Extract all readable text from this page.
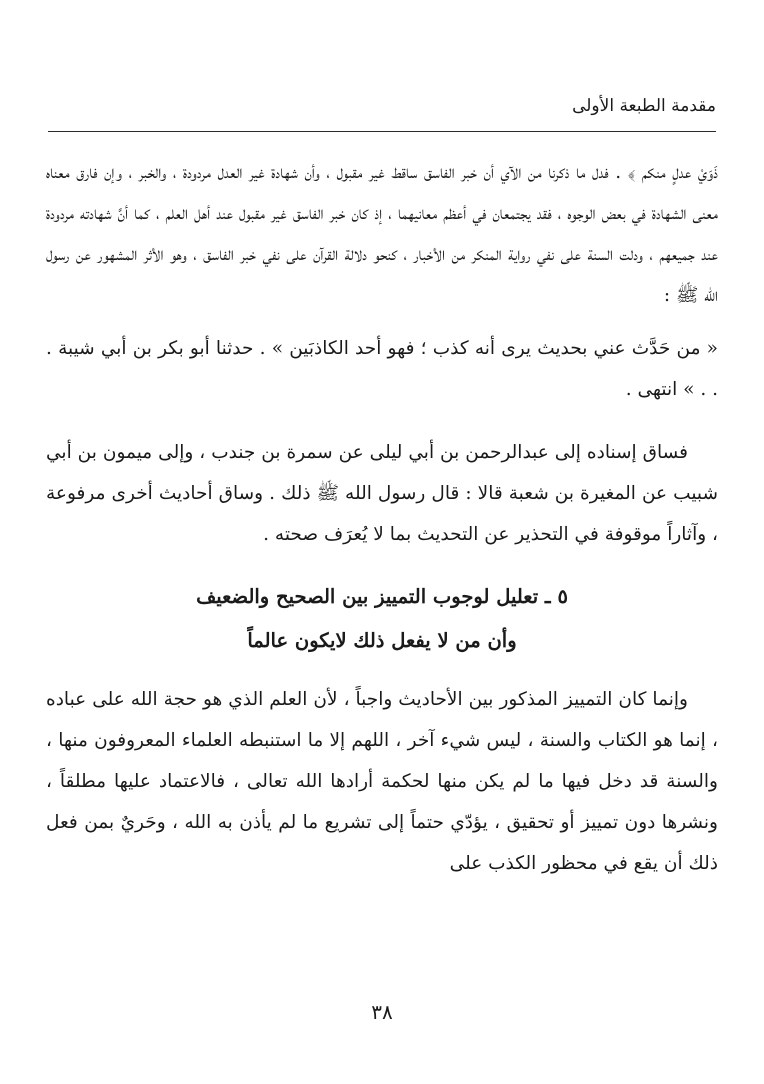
مقدمة الطبعة الأولى

ذَوَيْ عدلٍ منكم ﴾ . فدل ما ذكرنا من الآي أن خبر الفاسق ساقط غير مقبول ، وأن شهادة غير العدل مردودة ، والخبر ، وإن فارق معناه معنى الشهادة في بعض الوجوه ، فقد يجتمعان في أعظم معانيهما ، إذ كان خبر الفاسق غير مقبول عند أهل العلم ، كما أنَّ شهادته مردودة عند جميعهم ، ودلت السنة على نفي رواية المنكر من الأخبار ، كنحو دلالة القرآن على نفي خبر الفاسق ، وهو الأثر المشهور عن رسول الله ﷺ :

« من حَدَّث عني بحديث يرى أنه كذب ؛ فهو أحد الكاذبَين » . حدثنا أبو بكر بن أبي شيبة . . . » انتهى .

فساق إسناده إلى عبدالرحمن بن أبي ليلى عن سمرة بن جندب ، وإلى ميمون بن أبي شبيب عن المغيرة بن شعبة قالا : قال رسول الله ﷺ ذلك . وساق أحاديث أخرى مرفوعة ، وآثاراً موقوفة في التحذير عن التحديث بما لا يُعرَف صحته .

٥ ـ تعليل لوجوب التمييز بين الصحيح والضعيف

وأن من لا يفعل ذلك لايكون عالماً

وإنما كان التمييز المذكور بين الأحاديث واجباً ، لأن العلم الذي هو حجة الله على عباده ، إنما هو الكتاب والسنة ، ليس شيء آخر ، اللهم إلا ما استنبطه العلماء المعروفون منها ، والسنة قد دخل فيها ما لم يكن منها لحكمة أرادها الله تعالى ، فالاعتماد عليها مطلقاً ، ونشرها دون تمييز أو تحقيق ، يؤدّي حتماً إلى تشريع ما لم يأذن به الله ، وحَريٌ بمن فعل ذلك أن يقع في محظور الكذب على

٣٨
